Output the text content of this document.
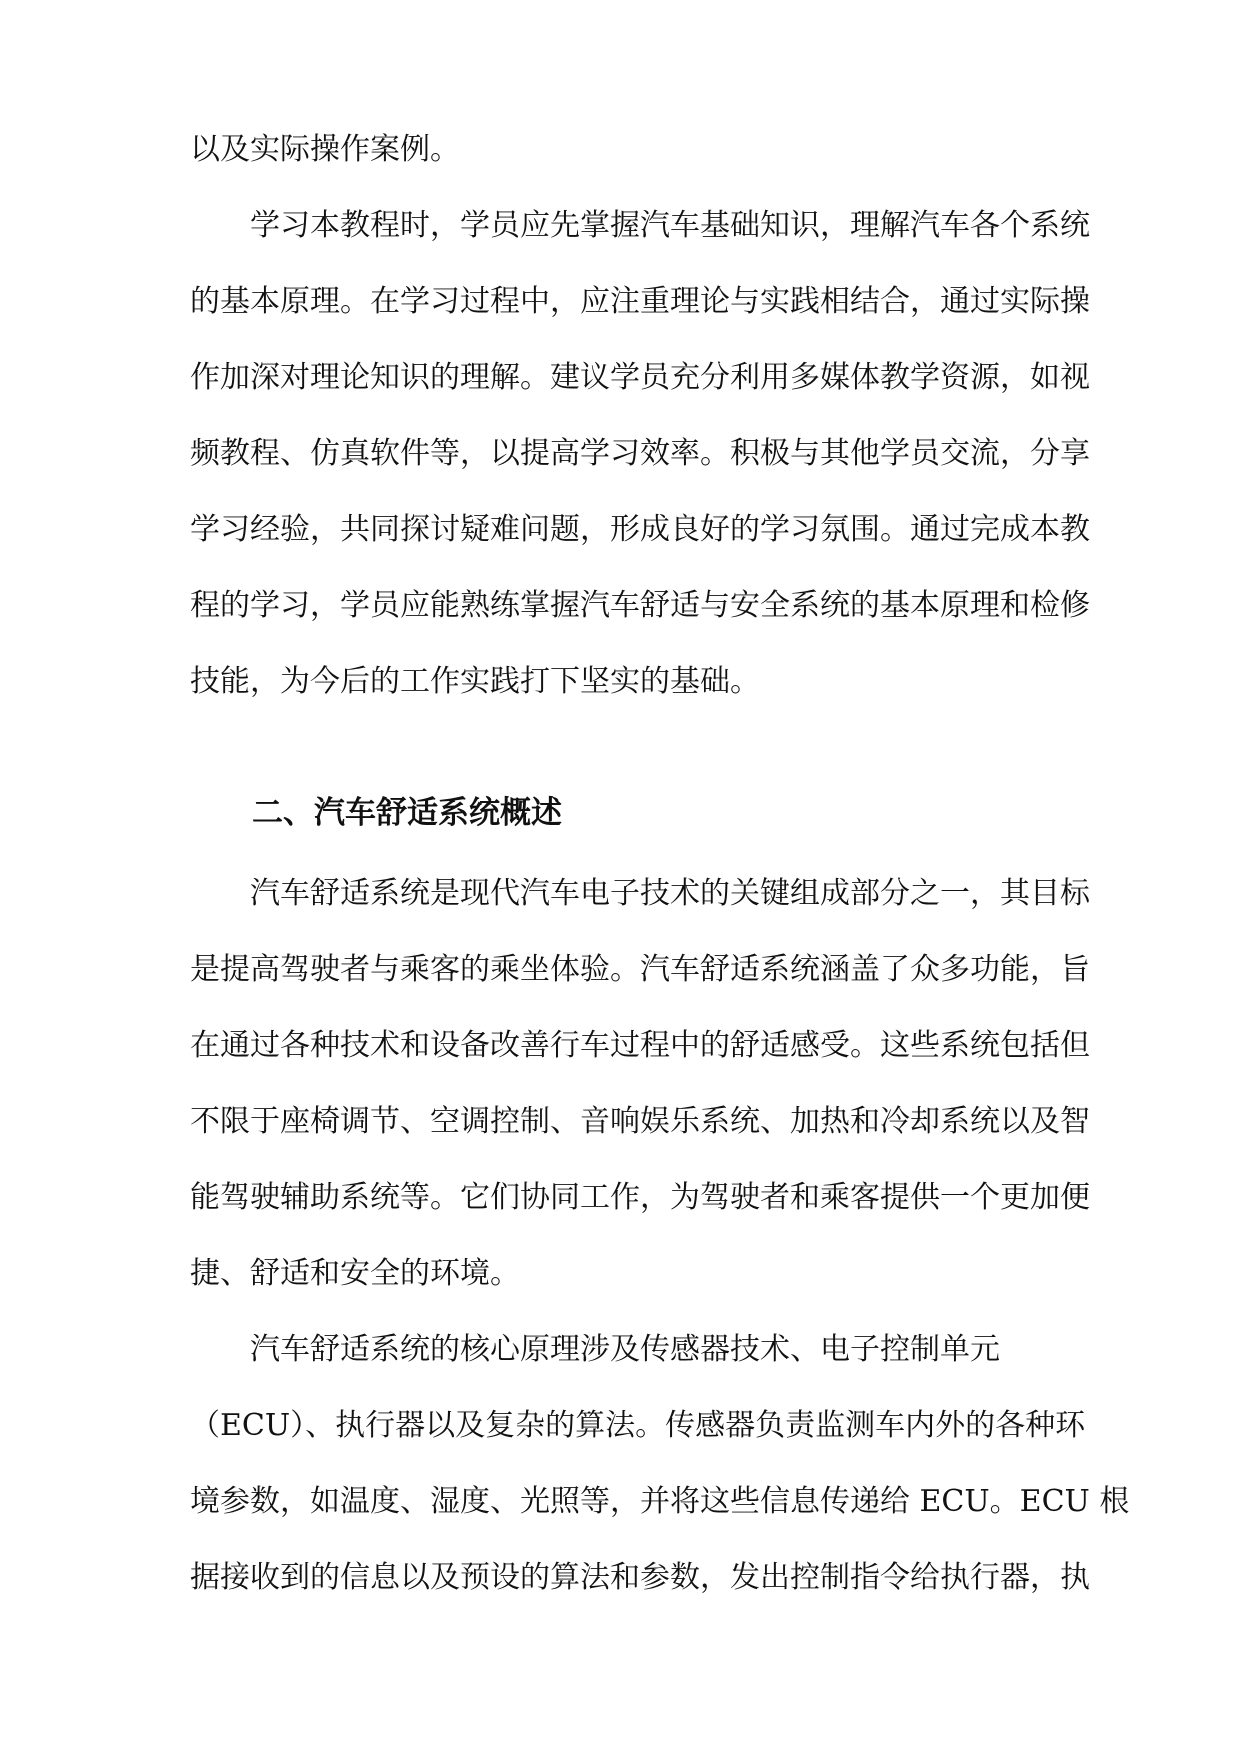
以及实际操作案例。
学习本教程时，学员应先掌握汽车基础知识，理解汽车各个系统
的基本原理。在学习过程中，应注重理论与实践相结合，通过实际操
作加深对理论知识的理解。建议学员充分利用多媒体教学资源，如视
频教程、仿真软件等，以提高学习效率。积极与其他学员交流，分享
学习经验，共同探讨疑难问题，形成良好的学习氛围。通过完成本教
程的学习，学员应能熟练掌握汽车舒适与安全系统的基本原理和检修
技能，为今后的工作实践打下坚实的基础。
二、汽车舒适系统概述
汽车舒适系统是现代汽车电子技术的关键组成部分之一，其目标
是提高驾驶者与乘客的乘坐体验。汽车舒适系统涵盖了众多功能，旨
在通过各种技术和设备改善行车过程中的舒适感受。这些系统包括但
不限于座椅调节、空调控制、音响娱乐系统、加热和冷却系统以及智
能驾驶辅助系统等。它们协同工作，为驾驶者和乘客提供一个更加便
捷、舒适和安全的环境。
汽车舒适系统的核心原理涉及传感器技术、电子控制单元
（ECU）、执行器以及复杂的算法。传感器负责监测车内外的各种环
境参数，如温度、湿度、光照等，并将这些信息传递给 ECU。ECU 根
据接收到的信息以及预设的算法和参数，发出控制指令给执行器，执
